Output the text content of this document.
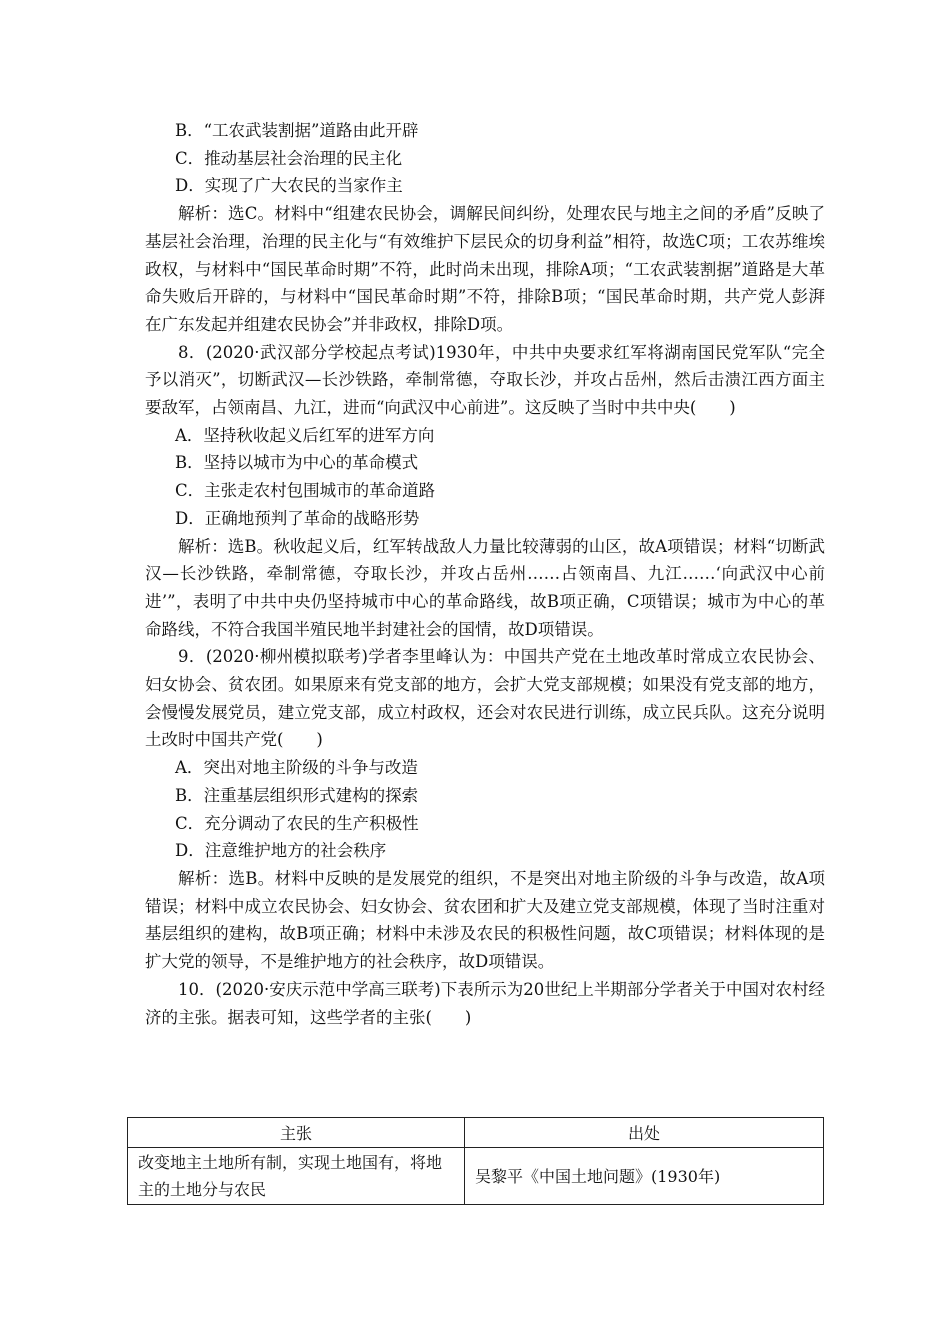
B．“工农武装割据”道路由此开辟
C．推动基层社会治理的民主化
D．实现了广大农民的当家作主
解析：选C。材料中“组建农民协会，调解民间纠纷，处理农民与地主之间的矛盾”反映了基层社会治理，治理的民主化与“有效维护下层民众的切身利益”相符，故选C项；工农苏维埃政权，与材料中“国民革命时期”不符，此时尚未出现，排除A项；“工农武装割据”道路是大革命失败后开辟的，与材料中“国民革命时期”不符，排除B项；“国民革命时期，共产党人彭湃在广东发起并组建农民协会”并非政权，排除D项。
8．(2020·武汉部分学校起点考试)1930年，中共中央要求红军将湖南国民党军队“完全予以消灭”，切断武汉—长沙铁路，牵制常德，夺取长沙，并攻占岳州，然后击溃江西方面主要敌军，占领南昌、九江，进而“向武汉中心前进”。这反映了当时中共中央(　　)
A．坚持秋收起义后红军的进军方向
B．坚持以城市为中心的革命模式
C．主张走农村包围城市的革命道路
D．正确地预判了革命的战略形势
解析：选B。秋收起义后，红军转战敌人力量比较薄弱的山区，故A项错误；材料“切断武汉—长沙铁路，牵制常德，夺取长沙，并攻占岳州……占领南昌、九江……‘向武汉中心前进’”，表明了中共中央仍坚持城市中心的革命路线，故B项正确，C项错误；城市为中心的革命路线，不符合我国半殖民地半封建社会的国情，故D项错误。
9．(2020·柳州模拟联考)学者李里峰认为：中国共产党在土地改革时常成立农民协会、妇女协会、贫农团。如果原来有党支部的地方，会扩大党支部规模；如果没有党支部的地方，会慢慢发展党员，建立党支部，成立村政权，还会对农民进行训练，成立民兵队。这充分说明土改时中国共产党(　　)
A．突出对地主阶级的斗争与改造
B．注重基层组织形式建构的探索
C．充分调动了农民的生产积极性
D．注意维护地方的社会秩序
解析：选B。材料中反映的是发展党的组织，不是突出对地主阶级的斗争与改造，故A项错误；材料中成立农民协会、妇女协会、贫农团和扩大及建立党支部规模，体现了当时注重对基层组织的建构，故B项正确；材料中未涉及农民的积极性问题，故C项错误；材料体现的是扩大党的领导，不是维护地方的社会秩序，故D项错误。
10．(2020·安庆示范中学高三联考)下表所示为20世纪上半期部分学者关于中国对农村经济的主张。据表可知，这些学者的主张(　　)
主张	出处
改变地主土地所有制，实现土地国有，将地主的土地分与农民	吴黎平《中国土地问题》(1930年)
